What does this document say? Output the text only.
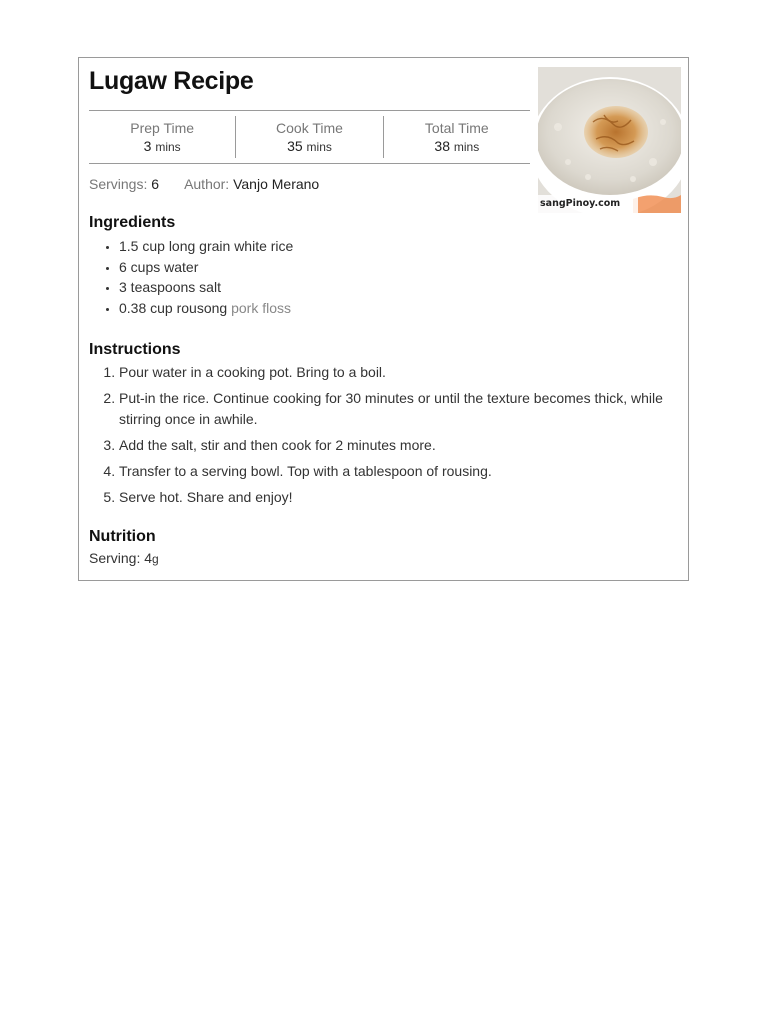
Lugaw Recipe
sangPinoy.com
Prep Time
3 mins
Cook Time
35 mins
Total Time
38 mins
Servings: 6 Author: Vanjo Merano
Ingredients
• 1.5 cup long grain white rice
• 6 cups water
• 3 teaspoons salt
• 0.38 cup rousong pork floss
Instructions
1. Pour water in a cooking pot. Bring to a boil.
2. Put-in the rice. Continue cooking for 30 minutes or until the texture becomes thick, while stirring once in awhile.
3. Add the salt, stir and then cook for 2 minutes more.
4. Transfer to a serving bowl. Top with a tablespoon of rousing.
5. Serve hot. Share and enjoy!
Nutrition
Serving: 4g
